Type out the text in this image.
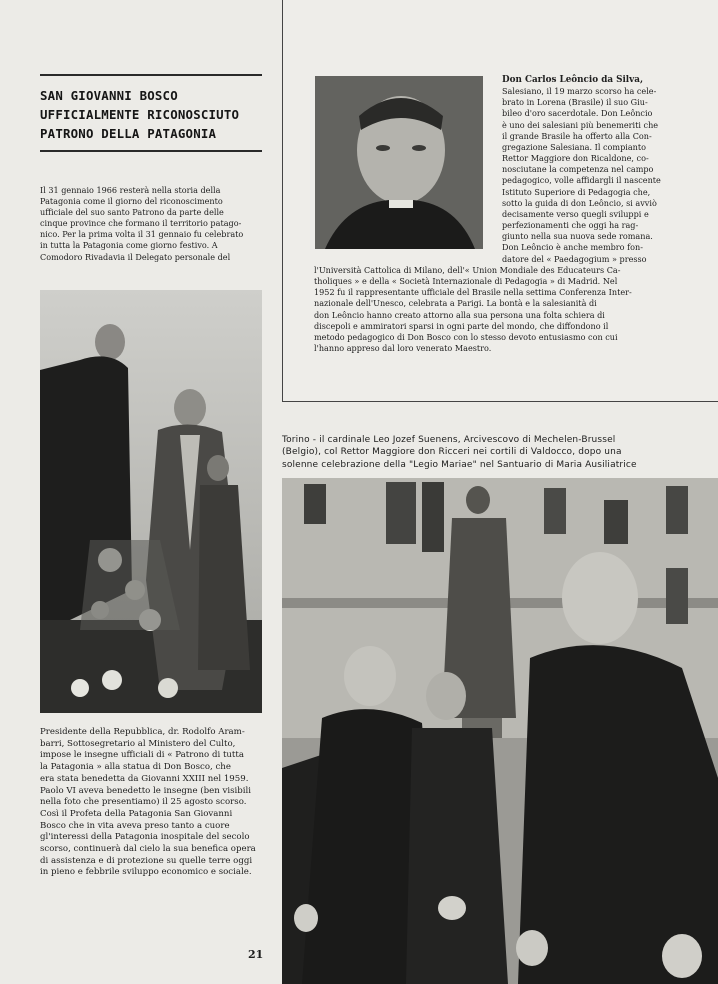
SAN GIOVANNI BOSCO
UFFICIALMENTE RICONOSCIUTO
PATRONO DELLA PATAGONIA
Il 31 gennaio 1966 resterà nella storia della
Patagonia come il giorno del riconoscimento
ufficiale del suo santo Patrono da parte delle
cinque province che formano il territorio patago-
nico. Per la prima volta il 31 gennaio fu celebrato
in tutta la Patagonia come giorno festivo. A
Comodoro Rivadavia il Delegato personale del
Presidente della Repubblica, dr. Rodolfo Aram-
barri, Sottosegretario al Ministero del Culto,
impose le insegne ufficiali di « Patrono di tutta
la Patagonia » alla statua di Don Bosco, che
era stata benedetta da Giovanni XXIII nel 1959.
Paolo VI aveva benedetto le insegne (ben visibili
nella foto che presentiamo) il 25 agosto scorso.
Così il Profeta della Patagonia San Giovanni
Bosco che in vita aveva preso tanto a cuore
gl'interessi della Patagonia inospitale del secolo
scorso, continuerà dal cielo la sua benefica opera
di assistenza e di protezione su quelle terre oggi
in pieno e febbrile sviluppo economico e sociale.
21
Don Carlos Leôncio da Silva,
Salesiano, il 19 marzo scorso ha cele-
brato in Lorena (Brasile) il suo Giu-
bileo d'oro sacerdotale. Don Leôncio
è uno dei salesiani più benemeriti che
il grande Brasile ha offerto alla Con-
gregazione Salesiana. Il compianto
Rettor Maggiore don Ricaldone, co-
nosciutane la competenza nel campo
pedagogico, volle affidargli il nascente
Istituto Superiore di Pedagogia che,
sotto la guida di don Leôncio, si avviò
decisamente verso quegli sviluppi e
perfezionamenti che oggi ha rag-
giunto nella sua nuova sede romana.
Don Leôncio è anche membro fon-
datore del « Paedagogium » presso
l'Università Cattolica di Milano, dell'« Union Mondiale des Educateurs Ca-
tholiques » e della « Società Internazionale di Pedagogia » di Madrid. Nel
1952 fu il rappresentante ufficiale del Brasile nella settima Conferenza Inter-
nazionale dell'Unesco, celebrata a Parigi. La bontà e la salesianità di
don Leôncio hanno creato attorno alla sua persona una folta schiera di
discepoli e ammiratori sparsi in ogni parte del mondo, che diffondono il
metodo pedagogico di Don Bosco con lo stesso devoto entusiasmo con cui
l'hanno appreso dal loro venerato Maestro.
Torino - il cardinale Leo Jozef Suenens, Arcivescovo di Mechelen-Brussel
(Belgio), col Rettor Maggiore don Ricceri nei cortili di Valdocco, dopo una
solenne celebrazione della "Legio Mariae" nel Santuario di Maria Ausiliatrice
